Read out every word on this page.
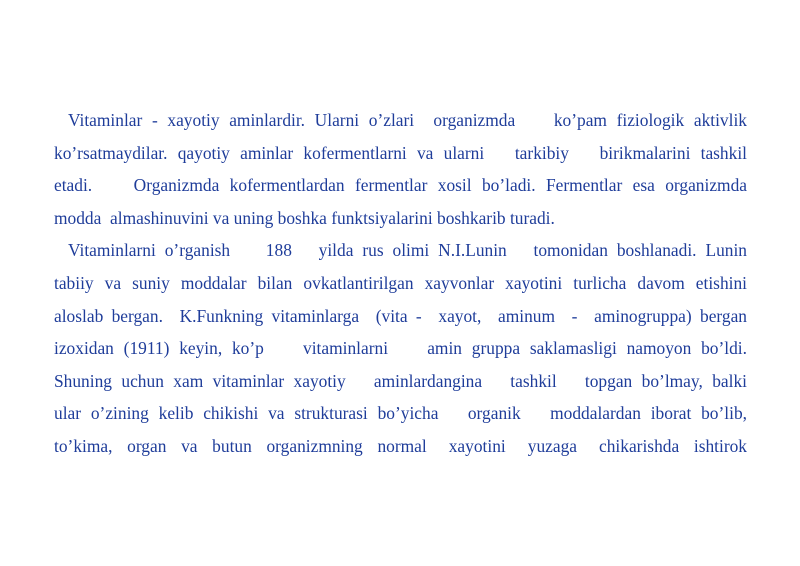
Vitaminlar - xayotiy aminlardir. Ularni o’zlari  organizmda    ko’pam fiziologik aktivlik
ko’rsatmaydilar. qayotiy aminlar kofermentlarni va ularni   tarkibiy   birikmalarini tashkil
etadi.    Organizmda kofermentlardan fermentlar xosil bo’ladi. Fermentlar esa organizmda
modda  almashinuvini va uning boshka funktsiyalarini boshkarib turadi.
Vitaminlarni o’rganish    188   yilda rus olimi N.I.Lunin   tomonidan boshlanadi. Lunin
tabiiy va suniy moddalar bilan ovkatlantirilgan xayvonlar xayotini turlicha davom etishini
aloslab bergan.  K.Funkning vitaminlarga  (vita -  xayot,  aminum  -  aminogruppa) bergan
izoxidan (1911) keyin, ko’p    vitaminlarni    amin gruppa saklamasligi namoyon bo’ldi.
Shuning uchun xam vitaminlar xayotiy   aminlardangina   tashkil   topgan bo’lmay, balki
ular o’zining kelib chikishi va strukturasi bo’yicha   organik   moddalardan iborat bo’lib,
to’kima,  organ  va  butun  organizmning  normal   xayotini   yuzaga   chikarishda  ishtirok
